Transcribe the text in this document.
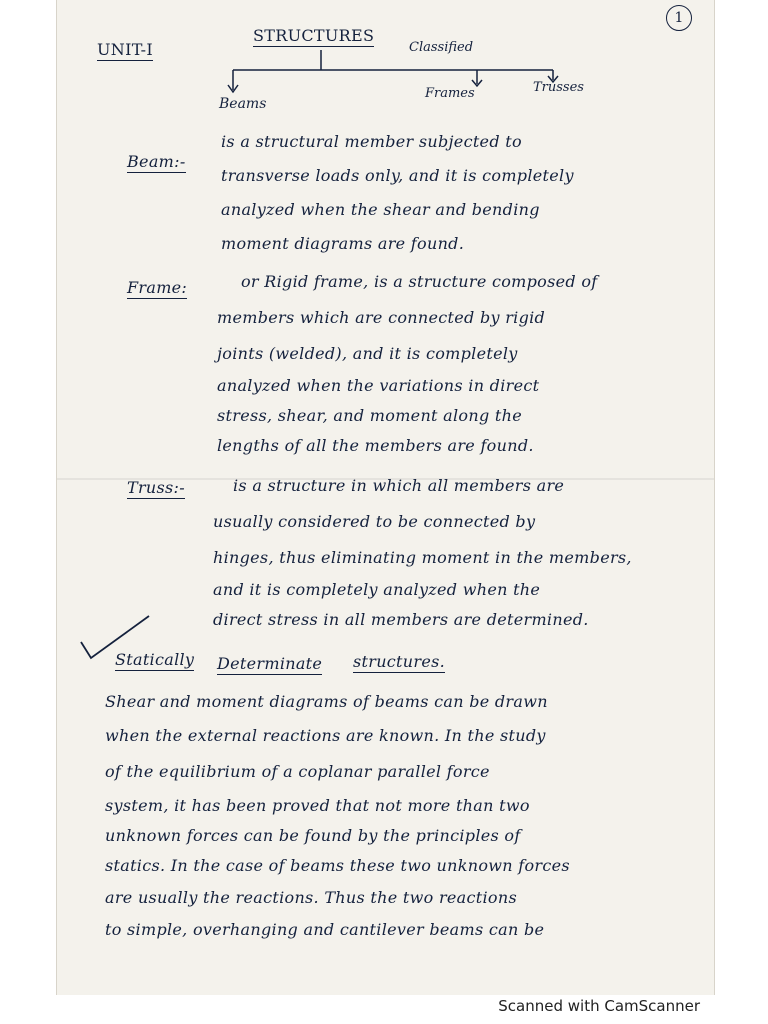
UNIT-I
STRUCTURES
Classified
1
Beams
Frames	Trusses
Beam:-
is a structural member subjected to
transverse loads only, and it is completely
analyzed when the shear and bending
moment diagrams are found.
Frame:	or Rigid frame, is a structure composed of
members which are connected by rigid
joints (welded), and it is completely
analyzed when the variations in direct
stress, shear, and moment along the
lengths of all the members are found.
Truss:-	is a structure in which all members are
usually considered to be connected by
hinges, thus eliminating moment in the members,
and it is completely analyzed when the
direct stress in all members are determined.
Statically Determinate structures.
Shear and moment diagrams of beams can be drawn
when the external reactions are known. In the study
of the equilibrium of a coplanar parallel force
system, it has been proved that not more than two
unknown forces can be found by the principles of
statics. In the case of beams these two unknown forces
are usually the reactions. Thus the two reactions
to simple, overhanging and cantilever beams can be
Scanned with CamScanner
